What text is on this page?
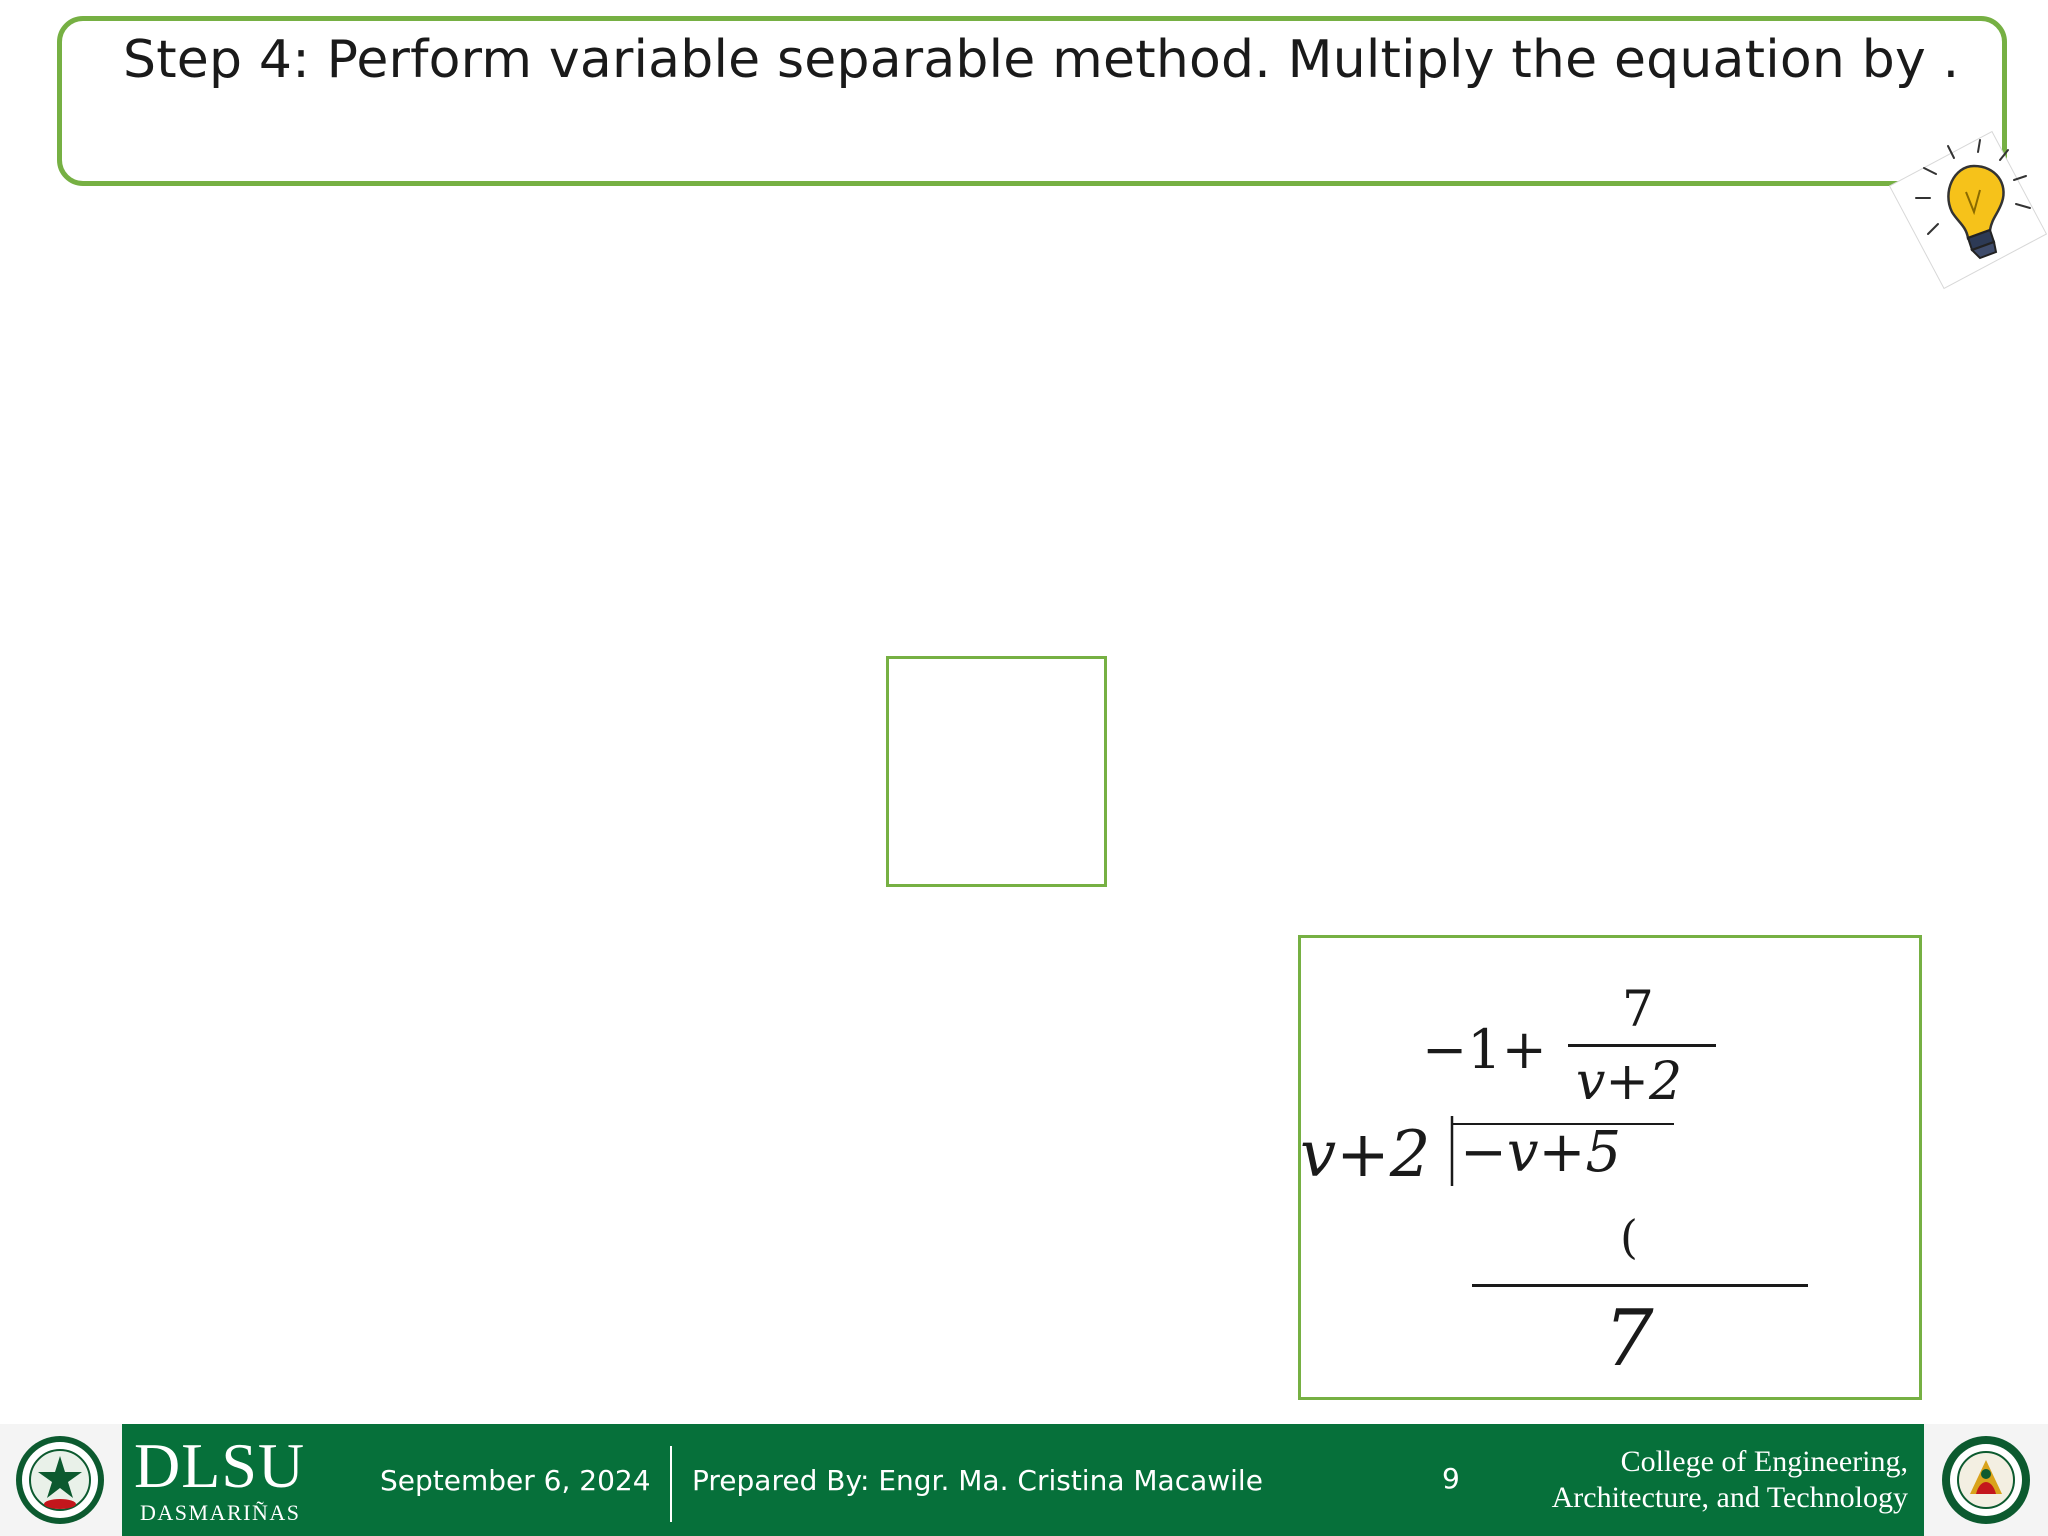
Step 4: Perform variable separable method. Multiply the equation by .
−1+
7
v+2
v+2 −v+5
(
7
DLSU
DASMARIÑAS
September 6, 2024 Prepared By: Engr. Ma. Cristina Macawile	9
College of Engineering,
Architecture, and Technology
